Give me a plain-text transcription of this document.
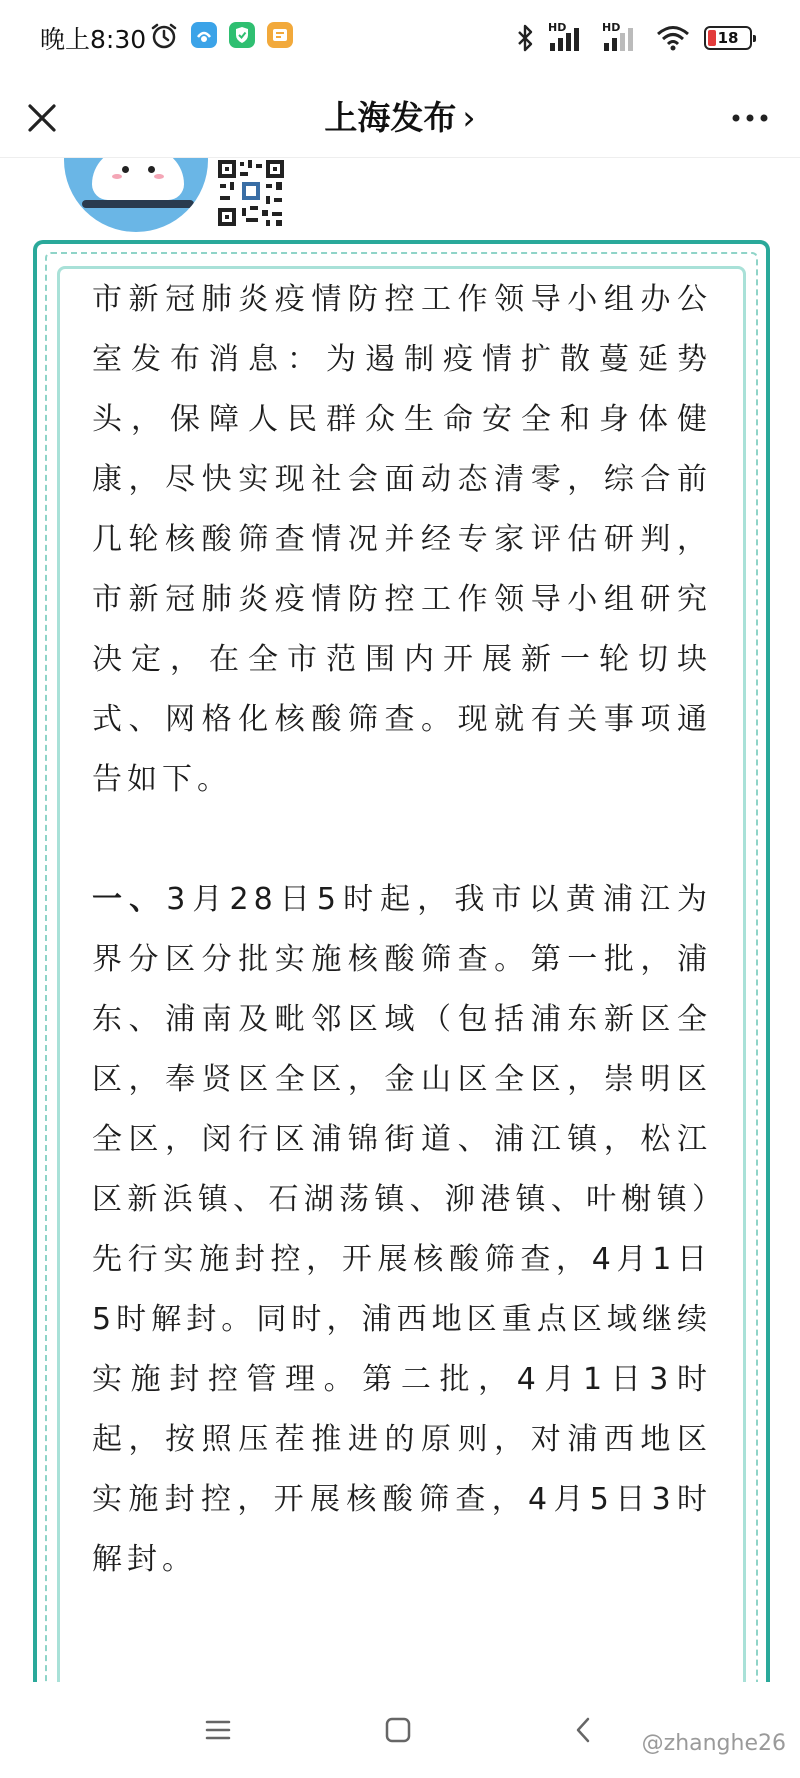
晚上8:30	HD	HD
18
上海发布 ›

市新冠肺炎疫情防控工作领导小组办公室发布消息：为遏制疫情扩散蔓延势头，保障人民群众生命安全和身体健康，尽快实现社会面动态清零，综合前几轮核酸筛查情况并经专家评估研判，市新冠肺炎疫情防控工作领导小组研究决定，在全市范围内开展新一轮切块式、网格化核酸筛查。现就有关事项通告如下。

一、3月28日5时起，我市以黄浦江为界分区分批实施核酸筛查。第一批，浦东、浦南及毗邻区域（包括浦东新区全区，奉贤区全区，金山区全区，崇明区全区，闵行区浦锦街道、浦江镇，松江区新浜镇、石湖荡镇、泖港镇、叶榭镇）先行实施封控，开展核酸筛查，4月1日5时解封。同时，浦西地区重点区域继续实施封控管理。第二批，4月1日3时起，按照压茬推进的原则，对浦西地区实施封控，开展核酸筛查，4月5日3时解封。

@zhanghe26
